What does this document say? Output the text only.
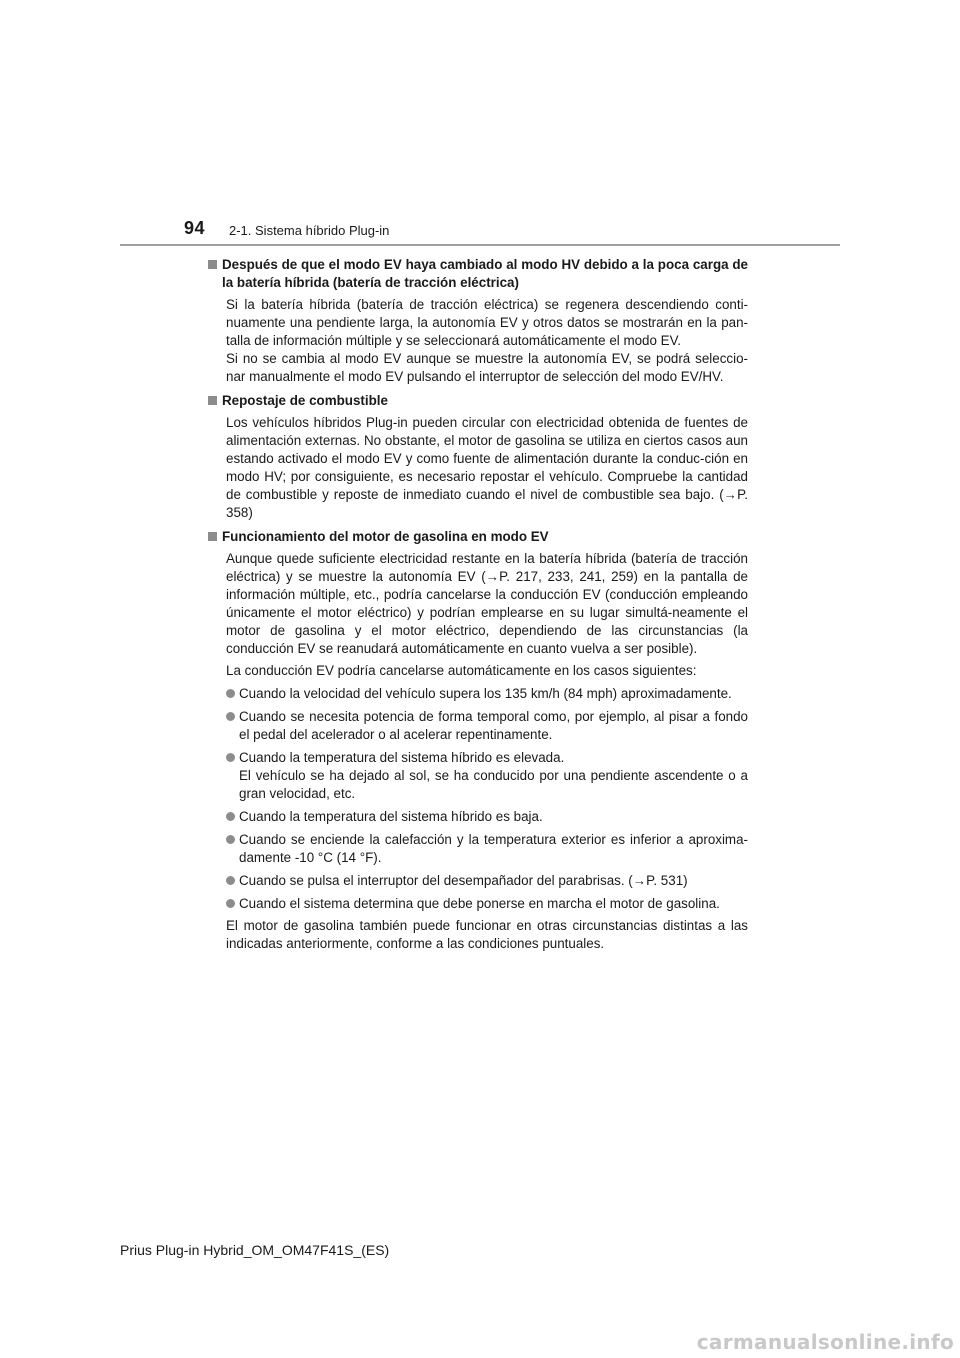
94 2-1. Sistema híbrido Plug-in
Después de que el modo EV haya cambiado al modo HV debido a la poca carga de la batería híbrida (batería de tracción eléctrica)
Si la batería híbrida (batería de tracción eléctrica) se regenera descendiendo conti-nuamente una pendiente larga, la autonomía EV y otros datos se mostrarán en la pan-talla de información múltiple y se seleccionará automáticamente el modo EV.
Si no se cambia al modo EV aunque se muestre la autonomía EV, se podrá seleccio-nar manualmente el modo EV pulsando el interruptor de selección del modo EV/HV.
Repostaje de combustible
Los vehículos híbridos Plug-in pueden circular con electricidad obtenida de fuentes de alimentación externas. No obstante, el motor de gasolina se utiliza en ciertos casos aun estando activado el modo EV y como fuente de alimentación durante la conduc-ción en modo HV; por consiguiente, es necesario repostar el vehículo. Compruebe la cantidad de combustible y reposte de inmediato cuando el nivel de combustible sea bajo. (→P. 358)
Funcionamiento del motor de gasolina en modo EV
Aunque quede suficiente electricidad restante en la batería híbrida (batería de tracción eléctrica) y se muestre la autonomía EV (→P. 217, 233, 241, 259) en la pantalla de información múltiple, etc., podría cancelarse la conducción EV (conducción empleando únicamente el motor eléctrico) y podrían emplearse en su lugar simultá-neamente el motor de gasolina y el motor eléctrico, dependiendo de las circunstancias (la conducción EV se reanudará automáticamente en cuanto vuelva a ser posible).
La conducción EV podría cancelarse automáticamente en los casos siguientes:
Cuando la velocidad del vehículo supera los 135 km/h (84 mph) aproximadamente.
Cuando se necesita potencia de forma temporal como, por ejemplo, al pisar a fondo el pedal del acelerador o al acelerar repentinamente.
Cuando la temperatura del sistema híbrido es elevada.
El vehículo se ha dejado al sol, se ha conducido por una pendiente ascendente o a gran velocidad, etc.
Cuando la temperatura del sistema híbrido es baja.
Cuando se enciende la calefacción y la temperatura exterior es inferior a aproxima-damente -10 °C (14 °F).
Cuando se pulsa el interruptor del desempañador del parabrisas. (→P. 531)
Cuando el sistema determina que debe ponerse en marcha el motor de gasolina.
El motor de gasolina también puede funcionar en otras circunstancias distintas a las indicadas anteriormente, conforme a las condiciones puntuales.
Prius Plug-in Hybrid_OM_OM47F41S_(ES)
carmanualsonline.info
